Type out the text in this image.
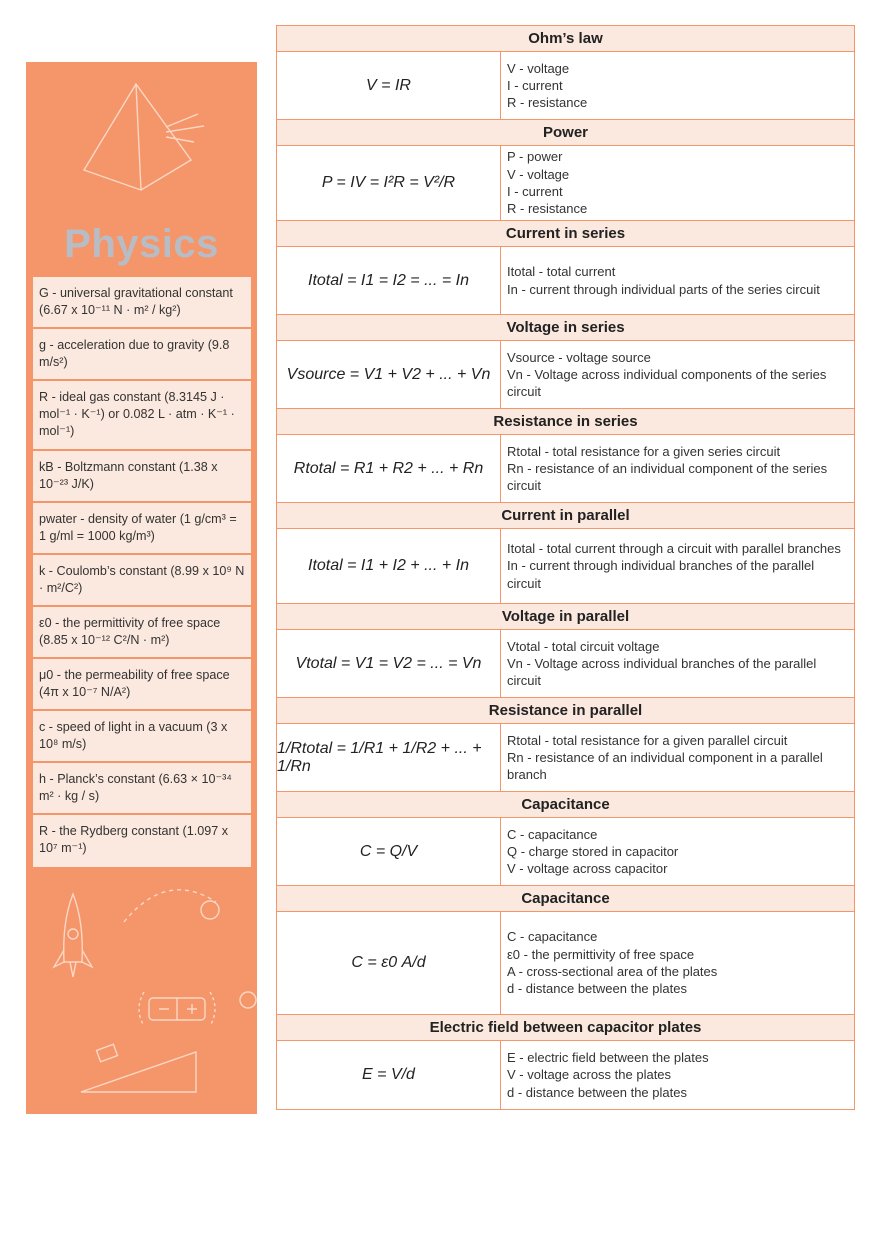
Physics
G - universal gravitational constant (6.67 x 10⁻¹¹ N · m² / kg²)
g - acceleration due to gravity (9.8 m/s²)
R - ideal gas constant (8.3145 J · mol⁻¹ · K⁻¹) or 0.082 L · atm · K⁻¹ · mol⁻¹)
kB - Boltzmann constant (1.38 x 10⁻²³ J/K)
pwater - density of water (1 g/cm³ = 1 g/ml = 1000 kg/m³)
k - Coulomb’s constant (8.99 x 10⁹ N · m²/C²)
ε0 - the permittivity of free space (8.85 x 10⁻¹² C²/N · m²)
μ0 - the permeability of free space (4π x 10⁻⁷ N/A²)
c - speed of light in a vacuum (3 x 10⁸ m/s)
h - Planck’s constant (6.63 × 10⁻³⁴ m² · kg / s)
R - the Rydberg constant (1.097 x 10⁷ m⁻¹)
Ohm’s law
V = IR
V - voltage
I - current
R - resistance
Power
P = IV = I²R = V²/R
P - power
V - voltage
I - current
R - resistance
Current in series
Itotal = I1 = I2 = ... = In	Itotal - total current
In - current through individual parts of the series circuit
Voltage in series
Vsource = V1 + V2 + ... + Vn
Vsource - voltage source
Vn - Voltage across individual components of the series circuit
Resistance in series
Rtotal = R1 + R2 + ... + Rn
Rtotal - total resistance for a given series circuit
Rn - resistance of an individual component of the series circuit
Current in parallel
Itotal = I1 + I2 + ... + In
Itotal - total current through a circuit with parallel branches
In - current through individual branches of the parallel circuit
Voltage in parallel
Vtotal = V1 = V2 = ... = Vn
Vtotal - total circuit voltage
Vn - Voltage across individual branches of the parallel circuit
Resistance in parallel
1/Rtotal = 1/R1 + 1/R2 + ... + 1/Rn
Rtotal - total resistance for a given parallel circuit
Rn - resistance of an individual component in a parallel branch
Capacitance
C = Q/V
C - capacitance
Q - charge stored in capacitor
V - voltage across capacitor
Capacitance
C = ε0 A/d
C - capacitance
ε0 - the permittivity of free space
A - cross-sectional area of the plates
d - distance between the plates
Electric field between capacitor plates
E = V/d
E - electric field between the plates
V - voltage across the plates
d - distance between the plates
